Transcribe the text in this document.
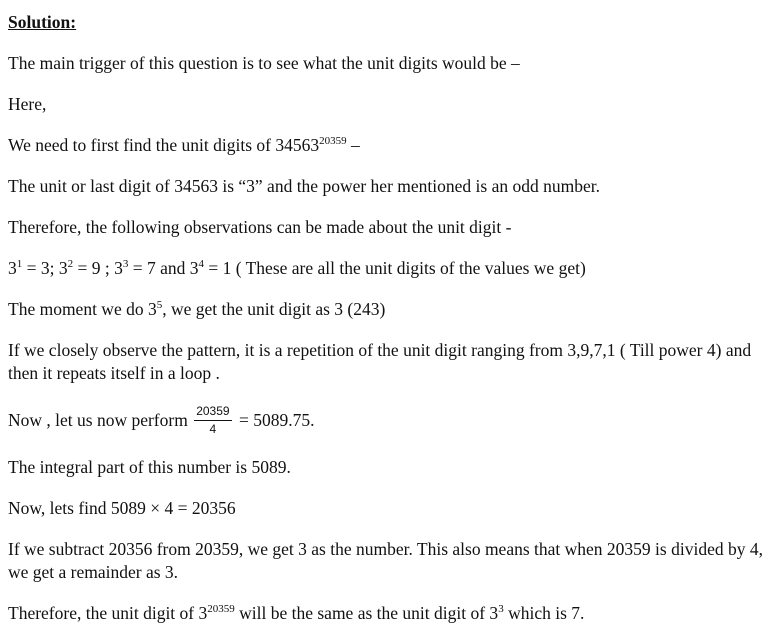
Solution:
The main trigger of this question is to see what the unit digits would be –
Here,
We need to first find the unit digits of $34563^{20359}$ –
The unit or last digit of 34563 is “3” and the power her mentioned is an odd number.
Therefore, the following observations can be made about the unit digit -
$3^1 = 3$; $3^2 = 9$ ; $3^3 = 7$ and $3^4 = 1$ ( These are all the unit digits of the values we get)
The moment we do $3^5$, we get the unit digit as 3 (243)
If we closely observe the pattern, it is a repetition of the unit digit ranging from 3,9,7,1 ( Till power 4) and then it repeats itself in a loop .
Now , let us now perform $\frac{20359}{4} = 5089.75$.
The integral part of this number is 5089.
Now, lets find 5089 × 4 = 20356
If we subtract 20356 from 20359, we get 3 as the number. This also means that when 20359 is divided by 4, we get a remainder as 3.
Therefore, the unit digit of $3^{20359}$ will be the same as the unit digit of $3^3$ which is 7.
